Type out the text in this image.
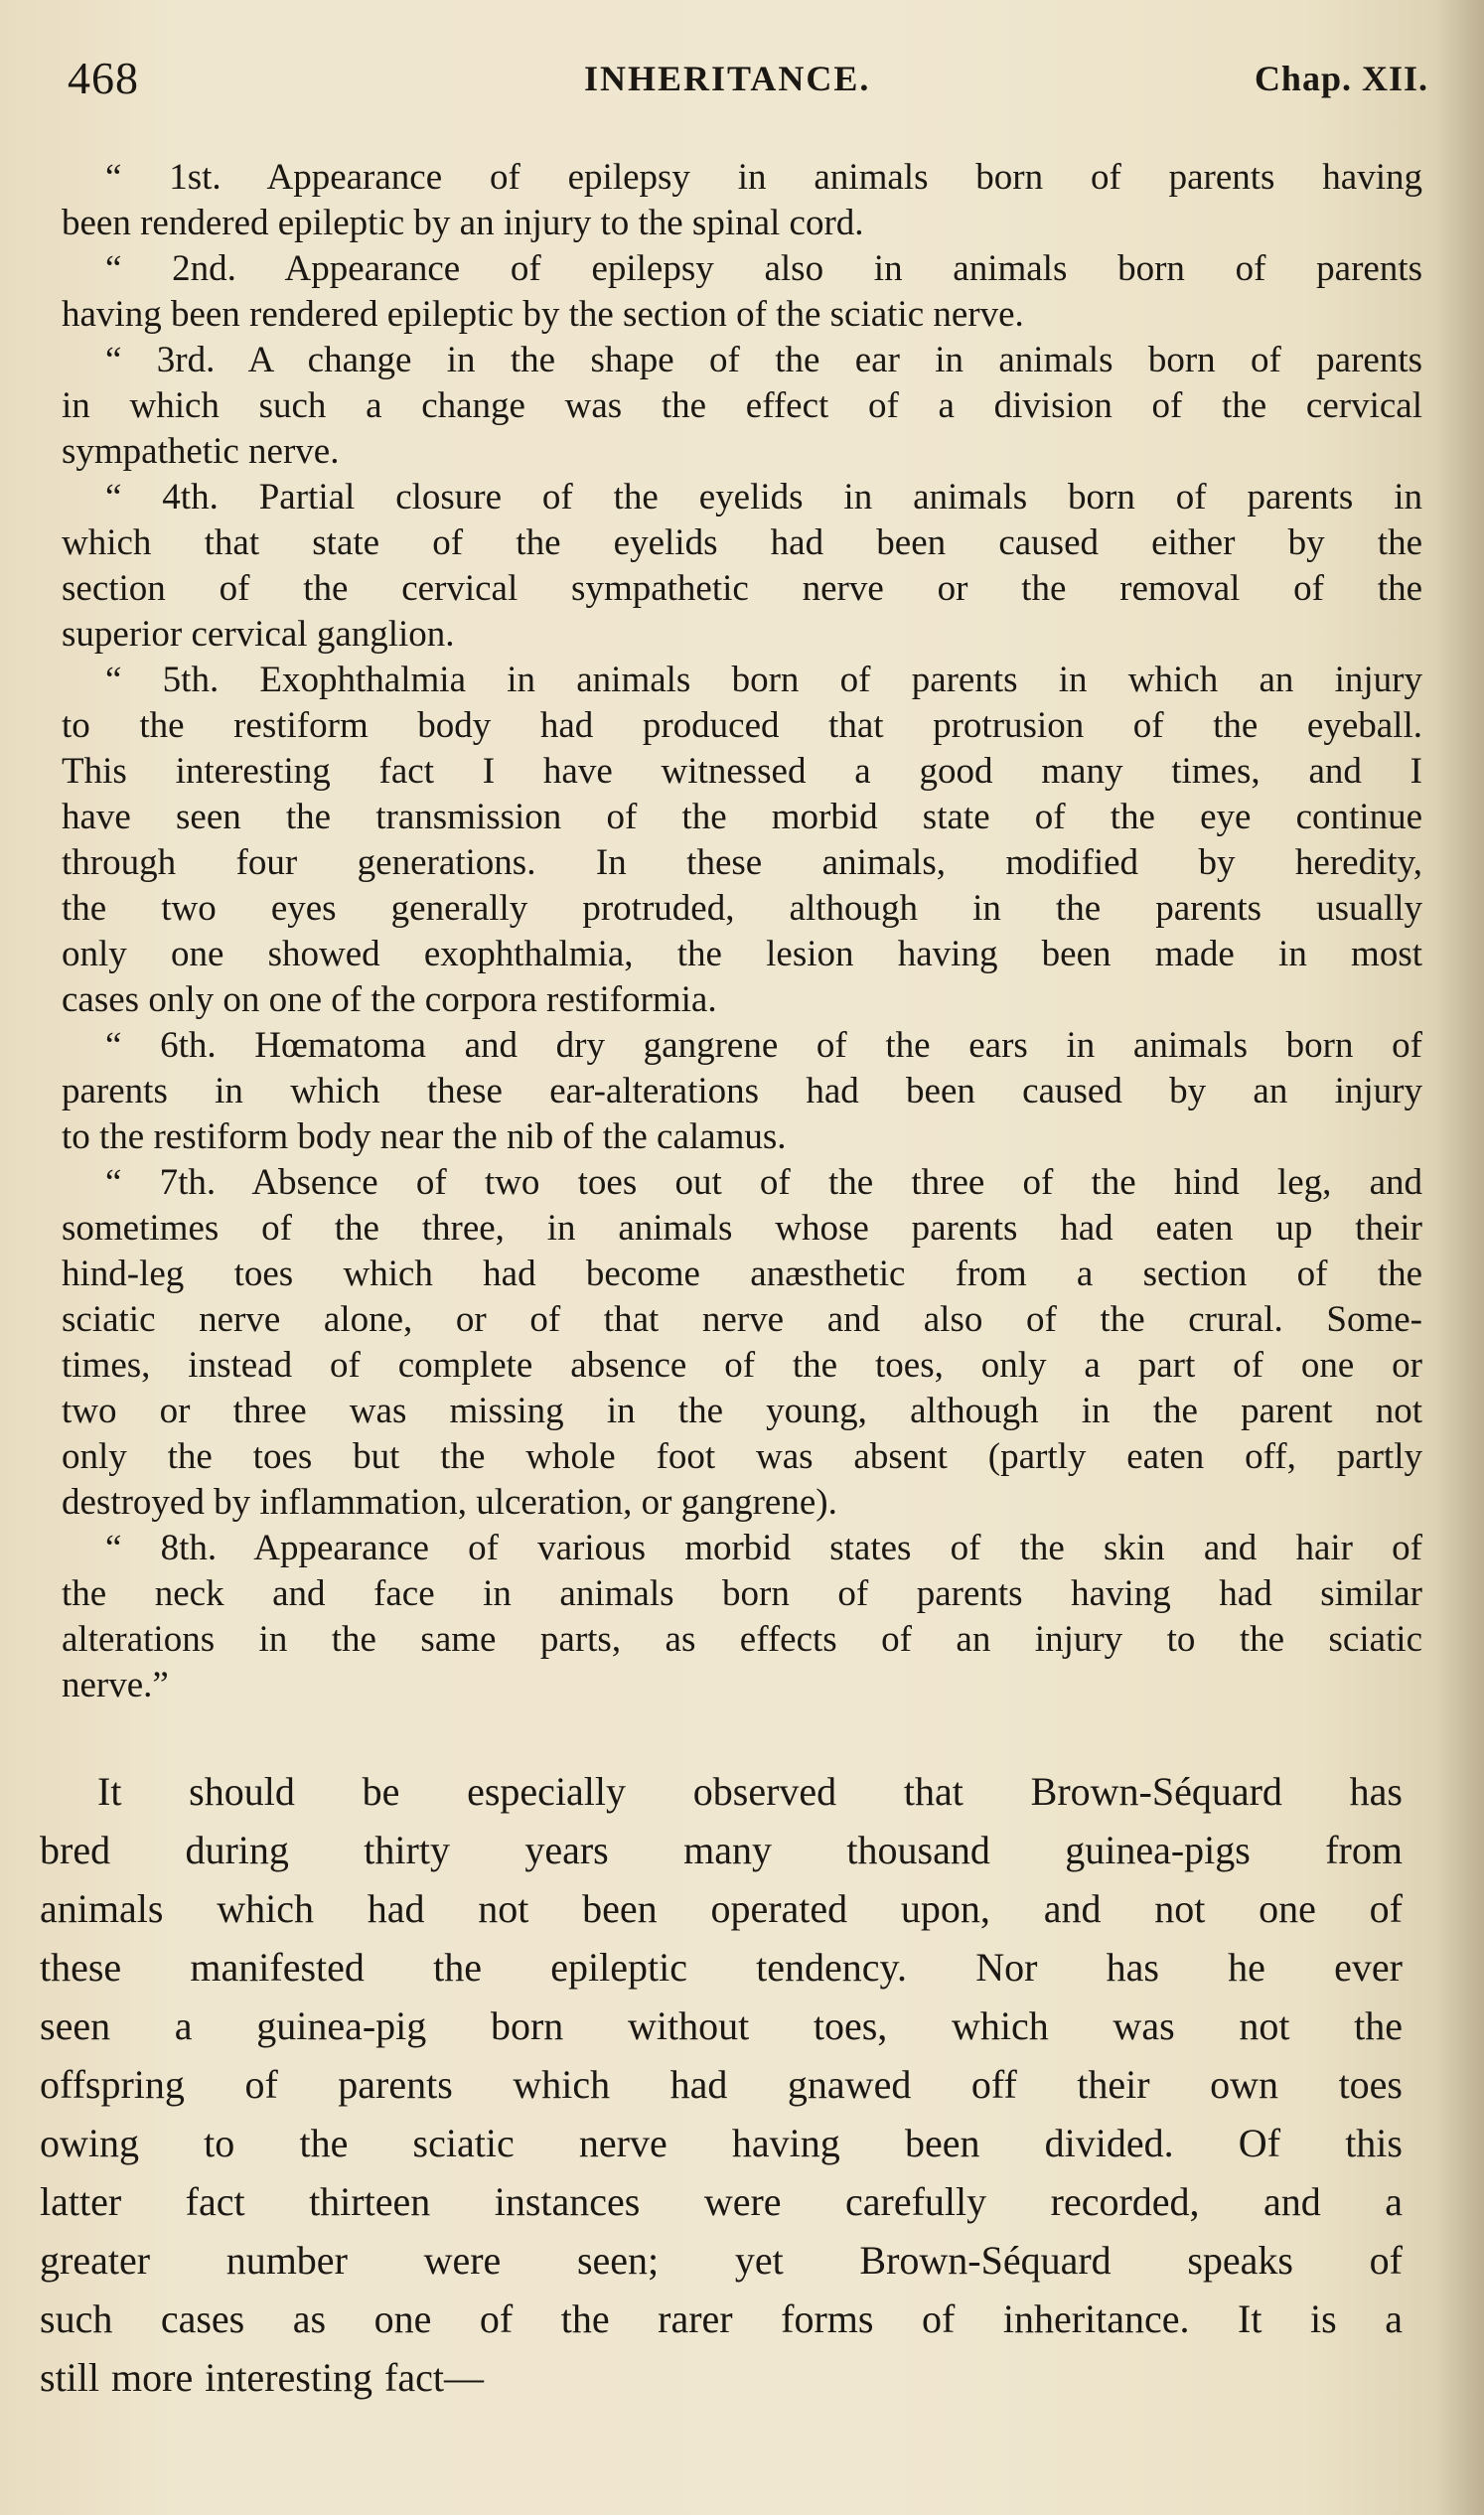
468	INHERITANCE.	Chap. XII.
“ 1st. Appearance of epilepsy in animals born of parents having
been rendered epileptic by an injury to the spinal cord.
“ 2nd. Appearance of epilepsy also in animals born of parents
having been rendered epileptic by the section of the sciatic nerve.
“ 3rd. A change in the shape of the ear in animals born of parents
in which such a change was the effect of a division of the cervical
sympathetic nerve.
“ 4th. Partial closure of the eyelids in animals born of parents in
which that state of the eyelids had been caused either by the
section of the cervical sympathetic nerve or the removal of the
superior cervical ganglion.
“ 5th. Exophthalmia in animals born of parents in which an injury
to the restiform body had produced that protrusion of the eyeball.
This interesting fact I have witnessed a good many times, and I
have seen the transmission of the morbid state of the eye continue
through four generations. In these animals, modified by heredity,
the two eyes generally protruded, although in the parents usually
only one showed exophthalmia, the lesion having been made in most
cases only on one of the corpora restiformia.
“ 6th. Hœmatoma and dry gangrene of the ears in animals born of
parents in which these ear-alterations had been caused by an injury
to the restiform body near the nib of the calamus.
“ 7th. Absence of two toes out of the three of the hind leg, and
sometimes of the three, in animals whose parents had eaten up their
hind-leg toes which had become anæsthetic from a section of the
sciatic nerve alone, or of that nerve and also of the crural. Some-
times, instead of complete absence of the toes, only a part of one or
two or three was missing in the young, although in the parent not
only the toes but the whole foot was absent (partly eaten off, partly
destroyed by inflammation, ulceration, or gangrene).
“ 8th. Appearance of various morbid states of the skin and hair of
the neck and face in animals born of parents having had similar
alterations in the same parts, as effects of an injury to the sciatic
nerve.”
It should be especially observed that Brown-Séquard has
bred during thirty years many thousand guinea-pigs from
animals which had not been operated upon, and not one of
these manifested the epileptic tendency. Nor has he ever
seen a guinea-pig born without toes, which was not the
offspring of parents which had gnawed off their own toes
owing to the sciatic nerve having been divided. Of this
latter fact thirteen instances were carefully recorded, and a
greater number were seen; yet Brown-Séquard speaks of
such cases as one of the rarer forms of inheritance. It is a
still more interesting fact—
